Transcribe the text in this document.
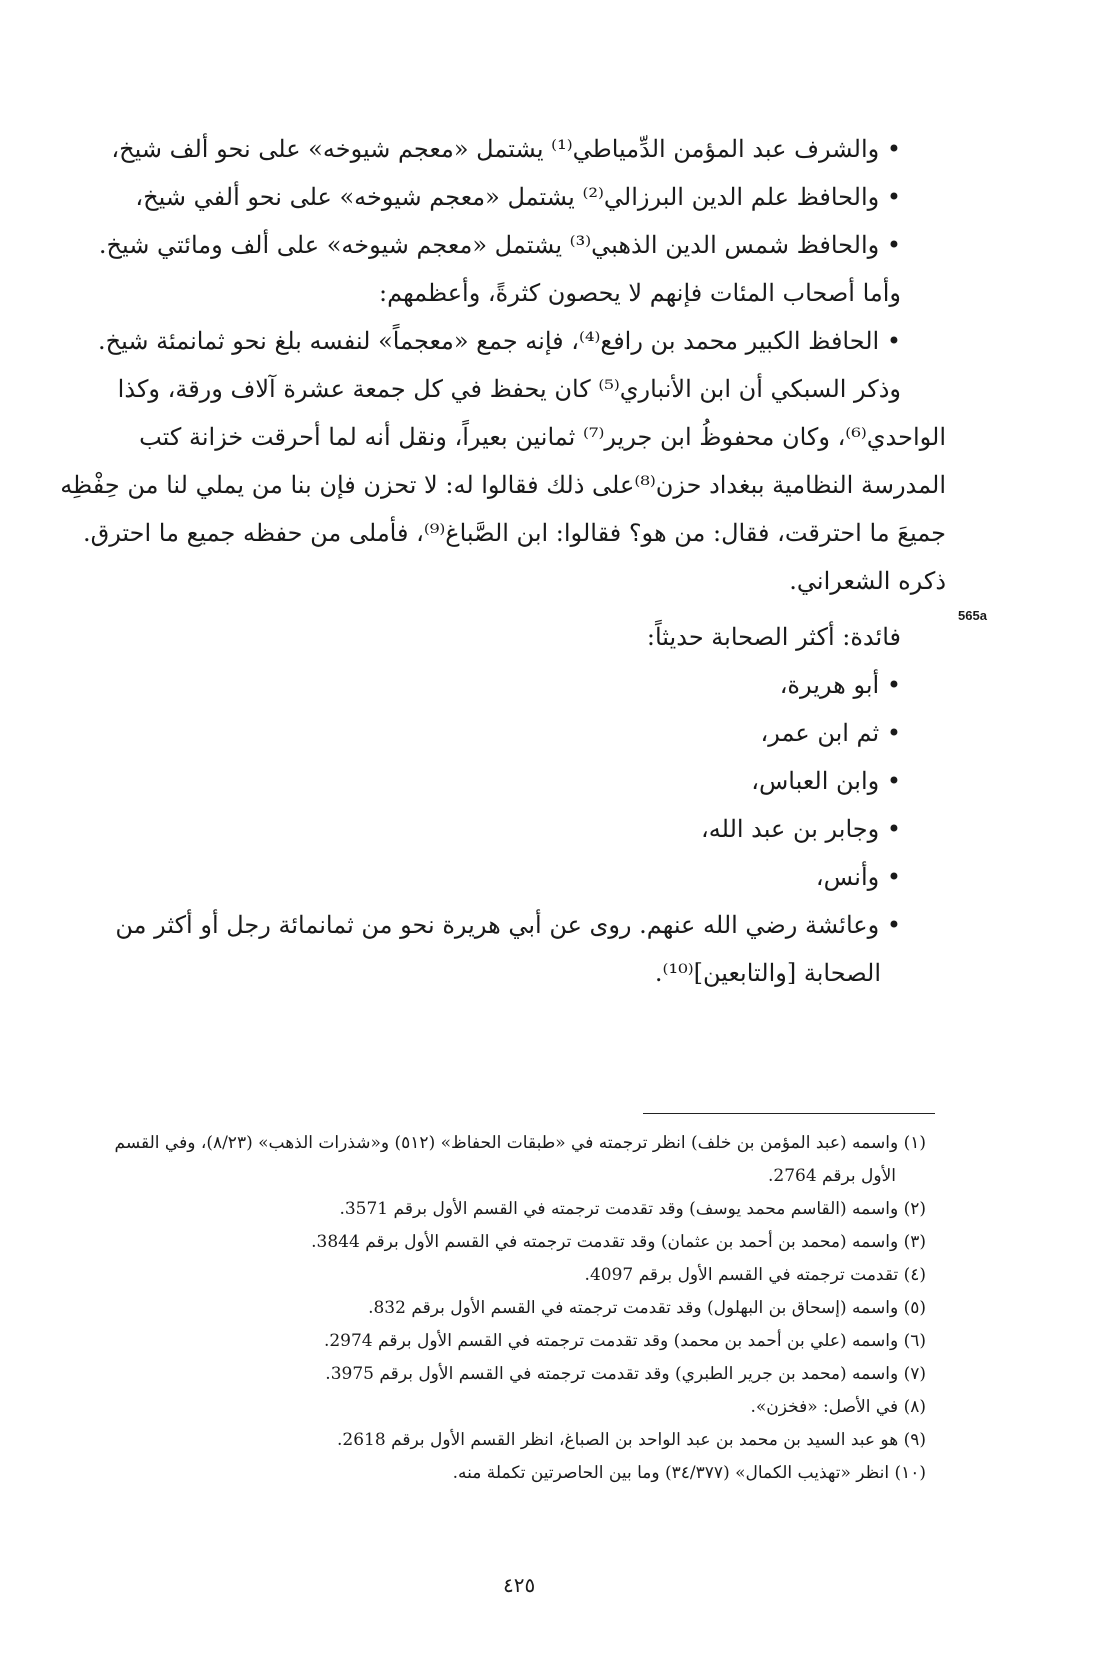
• والشرف عبد المؤمن الدِّمياطي⁽¹⁾ يشتمل «معجم شيوخه» على نحو ألف شيخ،
• والحافظ علم الدين البرزالي⁽²⁾ يشتمل «معجم شيوخه» على نحو ألفي شيخ،
• والحافظ شمس الدين الذهبي⁽³⁾ يشتمل «معجم شيوخه» على ألف ومائتي شيخ.
وأما أصحاب المئات فإنهم لا يحصون كثرةً، وأعظمهم:
• الحافظ الكبير محمد بن رافع⁽⁴⁾، فإنه جمع «معجماً» لنفسه بلغ نحو ثمانمئة شيخ.
وذكر السبكي أن ابن الأنباري⁽⁵⁾ كان يحفظ في كل جمعة عشرة آلاف ورقة، وكذا
الواحدي⁽⁶⁾، وكان محفوظُ ابن جرير⁽⁷⁾ ثمانين بعيراً، ونقل أنه لما أحرقت خزانة كتب
المدرسة النظامية ببغداد حزن⁽⁸⁾على ذلك فقالوا له: لا تحزن فإن بنا من يملي لنا من حِفْظِه
جميعَ ما احترقت، فقال: من هو؟ فقالوا: ابن الصَّباغ⁽⁹⁾، فأملى من حفظه جميع ما احترق.
ذكره الشعراني.
565a
فائدة: أكثر الصحابة حديثاً:
• أبو هريرة،
• ثم ابن عمر،
• وابن العباس،
• وجابر بن عبد الله،
• وأنس،
• وعائشة رضي الله عنهم. روى عن أبي هريرة نحو من ثمانمائة رجل أو أكثر من
الصحابة [والتابعين]⁽¹⁰⁾.
(١) واسمه (عبد المؤمن بن خلف) انظر ترجمته في «طبقات الحفاظ» (٥١٢) و«شذرات الذهب» (٨/٢٣)، وفي القسم
الأول برقم 2764.
(٢) واسمه (القاسم محمد يوسف) وقد تقدمت ترجمته في القسم الأول برقم 3571.
(٣) واسمه (محمد بن أحمد بن عثمان) وقد تقدمت ترجمته في القسم الأول برقم 3844.
(٤) تقدمت ترجمته في القسم الأول برقم 4097.
(٥) واسمه (إسحاق بن البهلول) وقد تقدمت ترجمته في القسم الأول برقم 832.
(٦) واسمه (علي بن أحمد بن محمد) وقد تقدمت ترجمته في القسم الأول برقم 2974.
(٧) واسمه (محمد بن جرير الطبري) وقد تقدمت ترجمته في القسم الأول برقم 3975.
(٨) في الأصل: «فخزن».
(٩) هو عبد السيد بن محمد بن عبد الواحد بن الصباغ، انظر القسم الأول برقم 2618.
(١٠) انظر «تهذيب الكمال» (٣٤/٣٧٧) وما بين الحاصرتين تكملة منه.
٤٢٥
